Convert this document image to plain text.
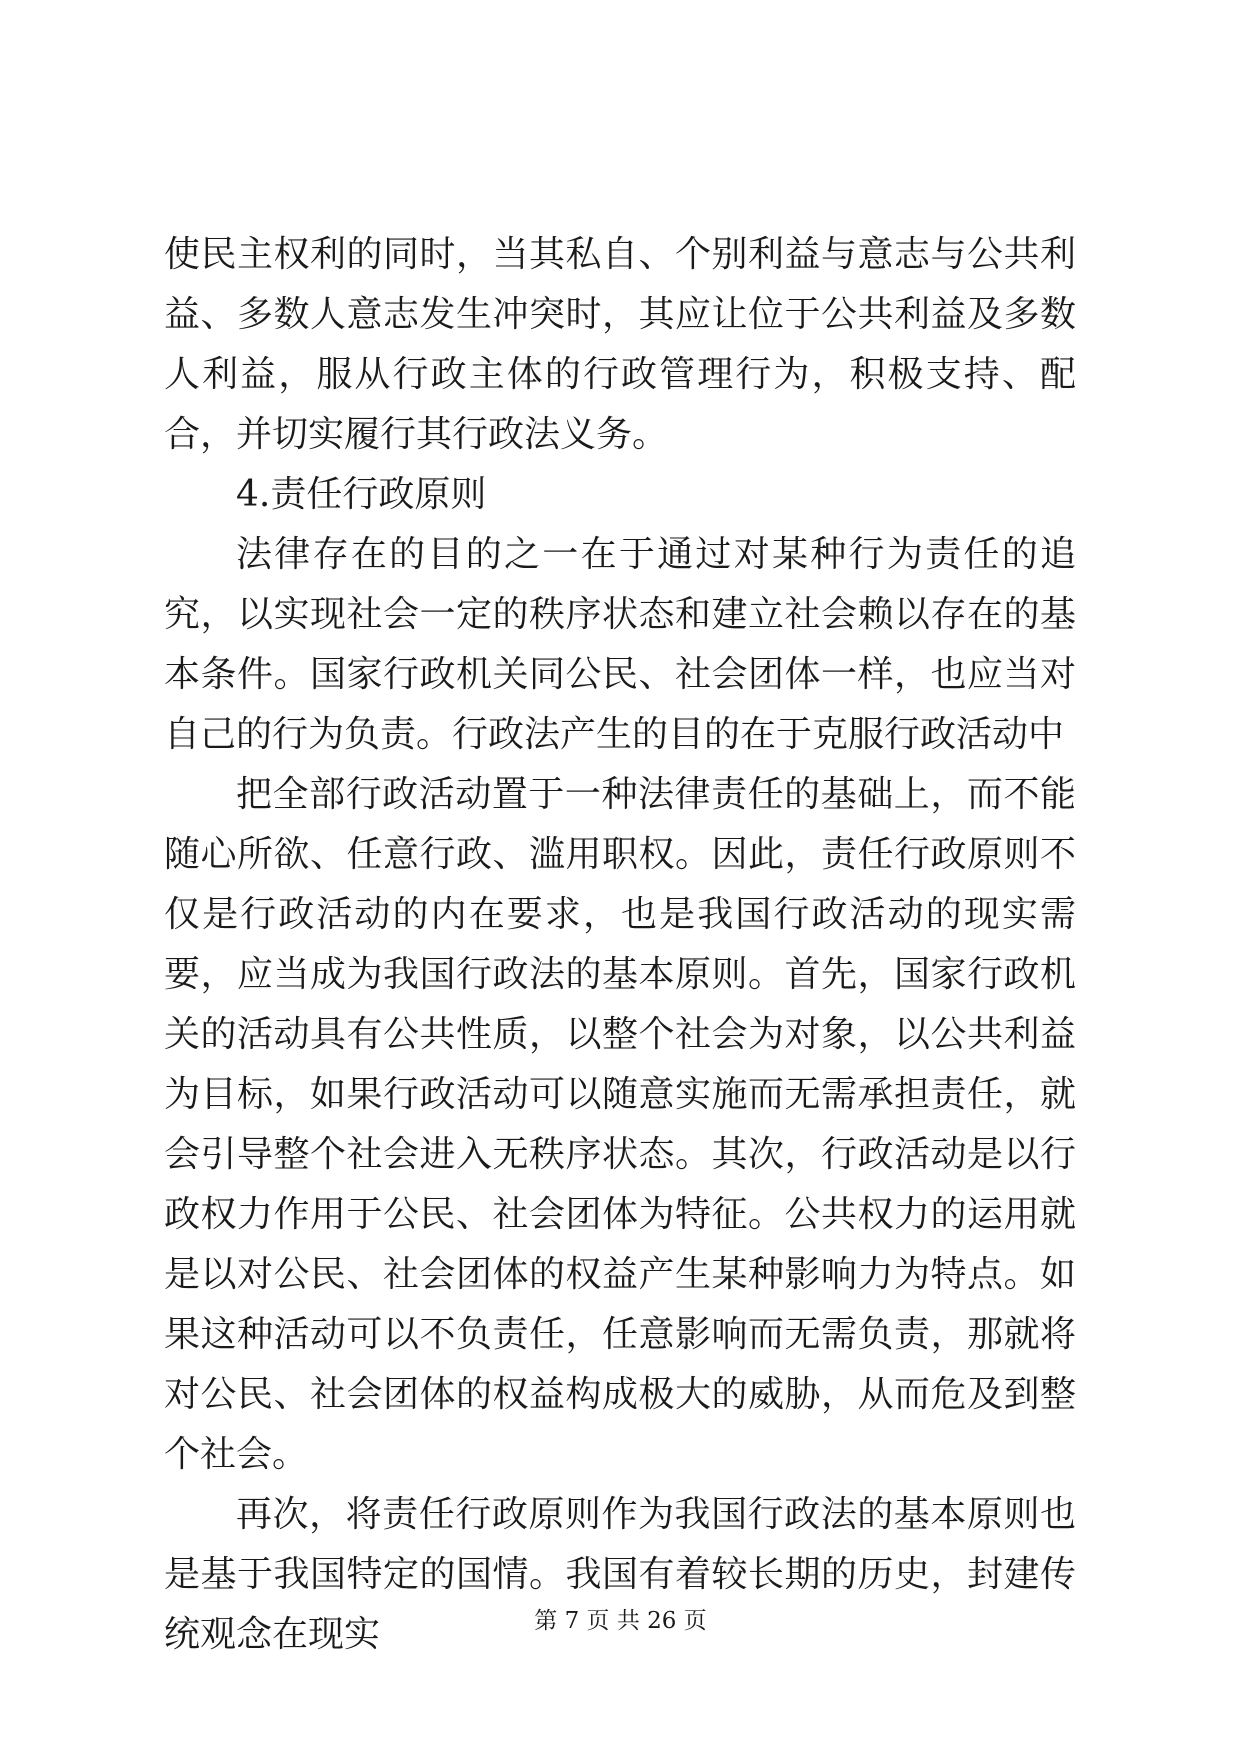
使民主权利的同时，当其私自、个别利益与意志与公共利益、多数人意志发生冲突时，其应让位于公共利益及多数人利益，服从行政主体的行政管理行为，积极支持、配合，并切实履行其行政法义务。

4.责任行政原则

法律存在的目的之一在于通过对某种行为责任的追究，以实现社会一定的秩序状态和建立社会赖以存在的基本条件。国家行政机关同公民、社会团体一样，也应当对自己的行为负责。行政法产生的目的在于克服行政活动中

把全部行政活动置于一种法律责任的基础上，而不能随心所欲、任意行政、滥用职权。因此，责任行政原则不仅是行政活动的内在要求，也是我国行政活动的现实需要，应当成为我国行政法的基本原则。首先，国家行政机关的活动具有公共性质，以整个社会为对象，以公共利益为目标，如果行政活动可以随意实施而无需承担责任，就会引导整个社会进入无秩序状态。其次，行政活动是以行政权力作用于公民、社会团体为特征。公共权力的运用就是以对公民、社会团体的权益产生某种影响力为特点。如果这种活动可以不负责任，任意影响而无需负责，那就将对公民、社会团体的权益构成极大的威胁，从而危及到整个社会。

再次，将责任行政原则作为我国行政法的基本原则也是基于我国特定的国情。我国有着较长期的历史，封建传统观念在现实	第 7 页 共 26 页
